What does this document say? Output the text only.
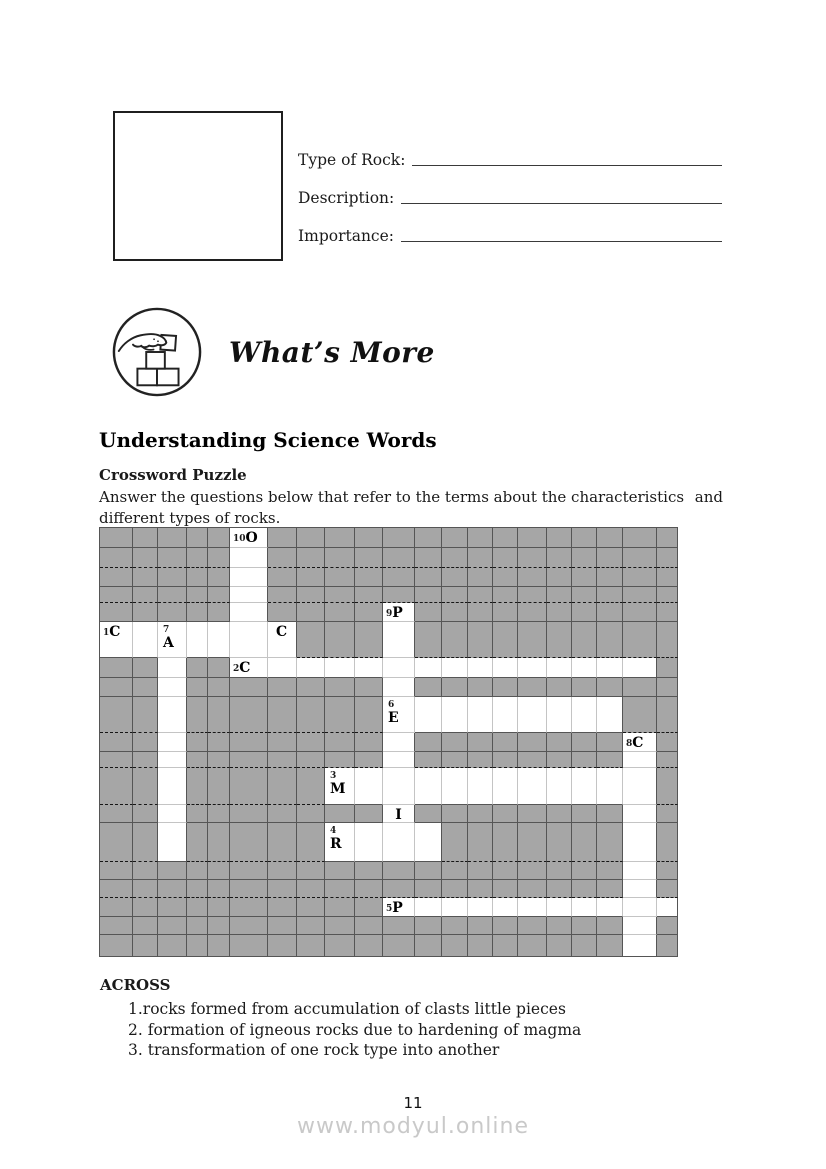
Type of Rock:
Description:
Importance:
What’s More
Understanding Science Words
Crossword Puzzle
Answer the questions below that refer to the terms about the characteristics and
different types of rocks.
10O
9P
1C	7
A
C
2C
6
E
8C
3
M
I
4
R
5P
ACROSS
1.rocks formed from accumulation of clasts little pieces
2. formation of igneous rocks due to hardening of magma
3. transformation of one rock type into another
11
www.modyul.online
